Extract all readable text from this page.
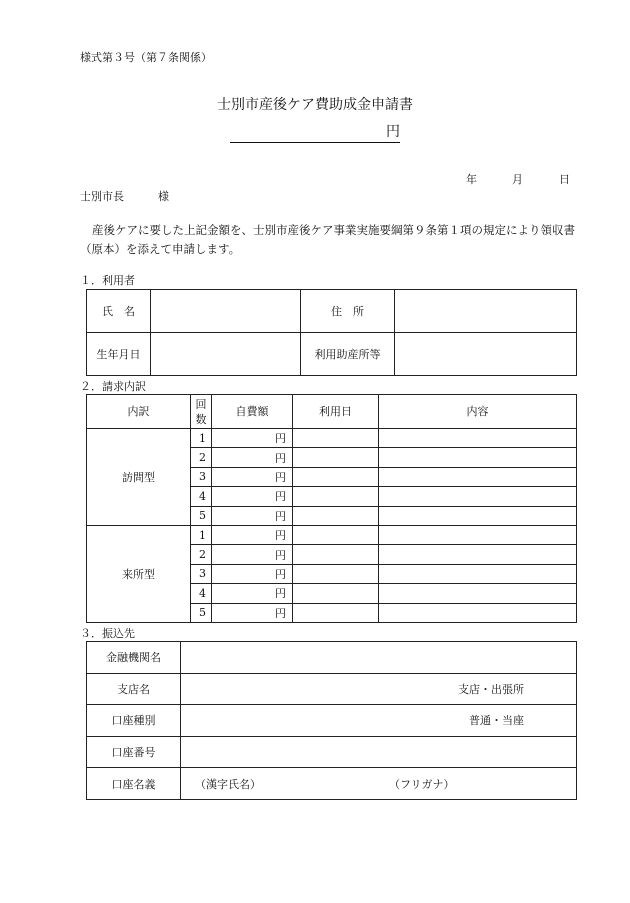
様式第３号（第７条関係）
士別市産後ケア費助成金申請書
円
年	月	日
士別市長	様
産後ケアに要した上記金額を、士別市産後ケア事業実施要綱第９条第１項の規定により領収書（原本）を添えて申請します。
１．利用者
氏　名		住　所	
生年月日		利用助産所等	
２．請求内訳
内訳	回数	自費額	利用日	内容
訪問型	1	円		
	2	円		
	3	円		
	4	円		
	5	円		
来所型	1	円		
	2	円		
	3	円		
	4	円		
	5	円		
３．振込先
金融機関名	
支店名	支店・出張所

口座種別	普通・当座

口座番号	
口座名義	（漢字氏名） （フリガナ）
